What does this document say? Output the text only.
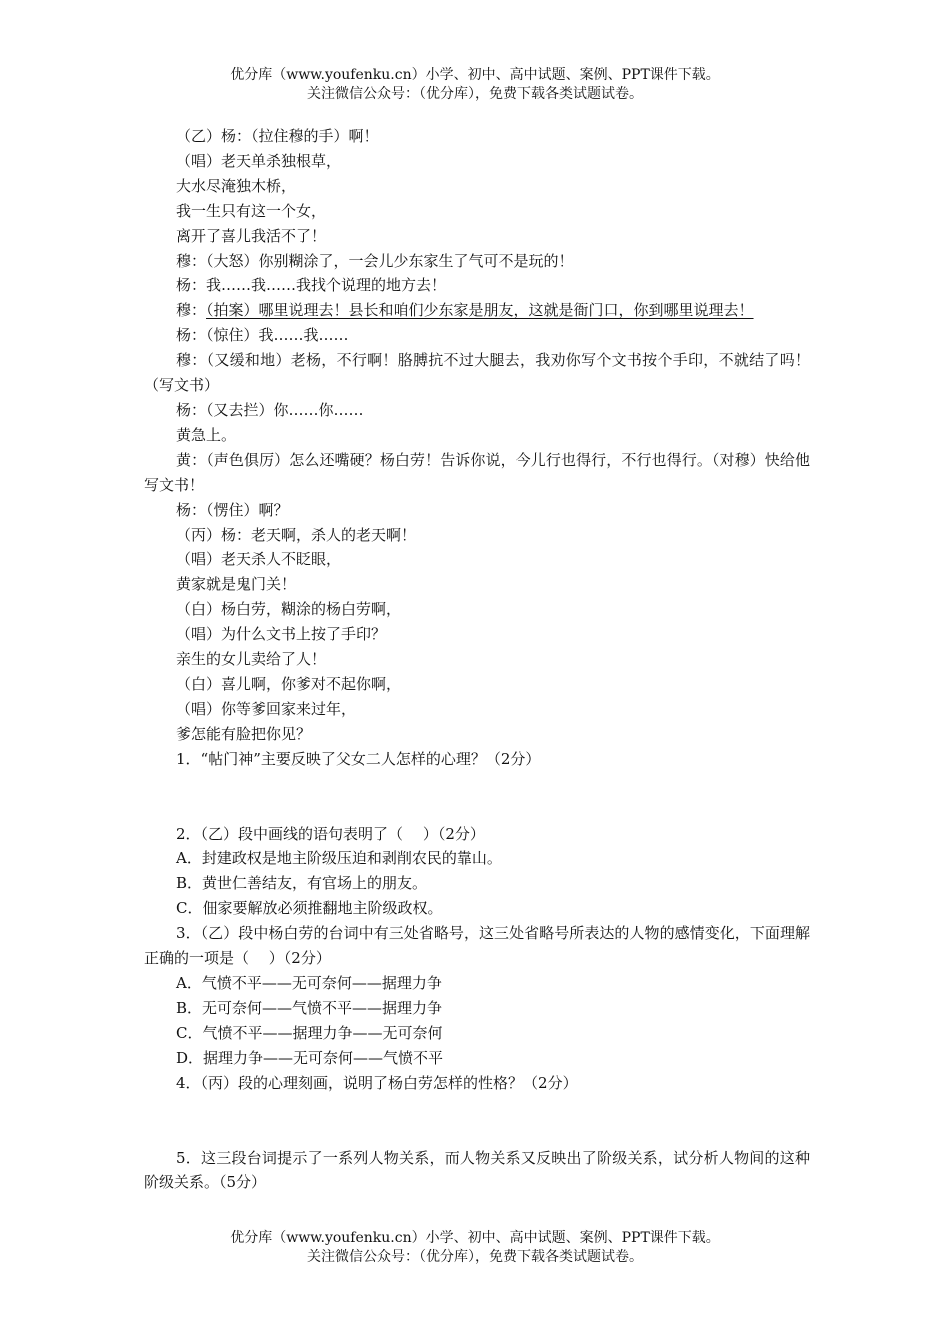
优分库（www.youfenku.cn）小学、初中、高中试题、案例、PPT课件下载。
关注微信公众号：（优分库），免费下载各类试题试卷。

（乙）杨：（拉住穆的手）啊！

（唱）老天单杀独根草，

大水尽淹独木桥，

我一生只有这一个女，

离开了喜儿我活不了！

穆：（大怒）你别糊涂了，一会儿少东家生了气可不是玩的！

杨：我……我……我找个说理的地方去！

穆：（拍案）哪里说理去！县长和咱们少东家是朋友，这就是衙门口，你到哪里说理去！

杨：（惊住）我……我……

穆：（又缓和地）老杨，不行啊！胳膊抗不过大腿去，我劝你写个文书按个手印，不就结了吗！（写文书）

杨：（又去拦）你……你……

黄急上。

黄：（声色俱厉）怎么还嘴硬？杨白劳！告诉你说，今儿行也得行，不行也得行。（对穆）快给他写文书！

杨：（愣住）啊？

（丙）杨：老天啊，杀人的老天啊！

（唱）老天杀人不眨眼，

黄家就是鬼门关！

（白）杨白劳，糊涂的杨白劳啊，

（唱）为什么文书上按了手印？

亲生的女儿卖给了人！

（白）喜儿啊，你爹对不起你啊，

（唱）你等爹回家来过年，

爹怎能有脸把你见？

1．“帖门神”主要反映了父女二人怎样的心理？（2分）

2．（乙）段中画线的语句表明了（　 ）（2分）

A．封建政权是地主阶级压迫和剥削农民的靠山。

B．黄世仁善结友，有官场上的朋友。

C．佃家要解放必须推翻地主阶级政权。

3．（乙）段中杨白劳的台词中有三处省略号，这三处省略号所表达的人物的感情变化，下面理解正确的一项是（　 ）（2分）

A．气愤不平——无可奈何——据理力争

B．无可奈何——气愤不平——据理力争

C．气愤不平——据理力争——无可奈何

D．据理力争——无可奈何——气愤不平

4．（丙）段的心理刻画，说明了杨白劳怎样的性格？（2分）

5．这三段台词提示了一系列人物关系，而人物关系又反映出了阶级关系，试分析人物间的这种阶级关系。（5分）

优分库（www.youfenku.cn）小学、初中、高中试题、案例、PPT课件下载。
关注微信公众号：（优分库），免费下载各类试题试卷。
